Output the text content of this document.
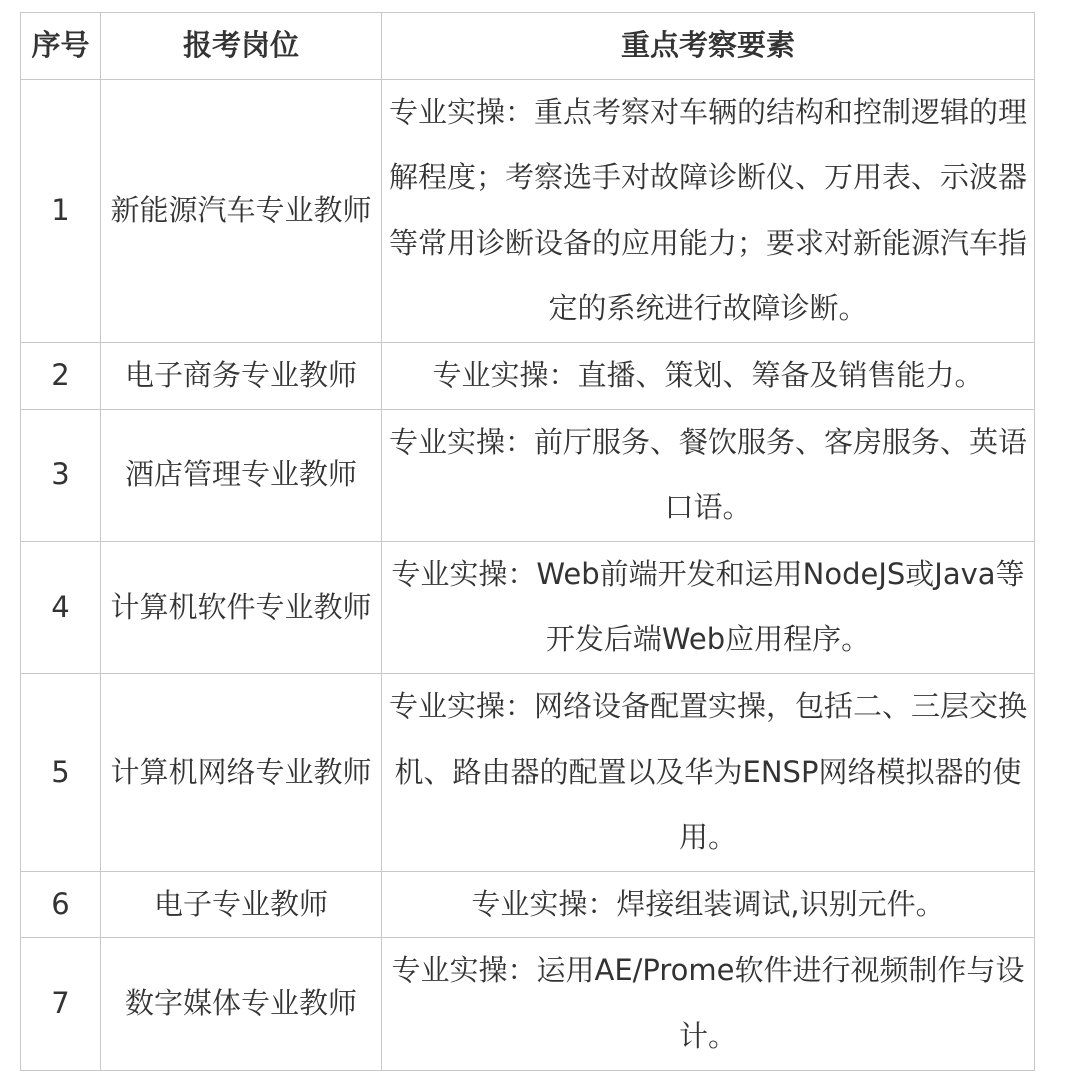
序号	报考岗位	重点考察要素
1	新能源汽车专业教师	专业实操：重点考察对车辆的结构和控制逻辑的理解程度；考察选手对故障诊断仪、万用表、示波器等常用诊断设备的应用能力；要求对新能源汽车指定的系统进行故障诊断。
2	电子商务专业教师	专业实操：直播、策划、筹备及销售能力。
3	酒店管理专业教师	专业实操：前厅服务、餐饮服务、客房服务、英语口语。
4	计算机软件专业教师	专业实操：Web前端开发和运用NodeJS或Java等开发后端Web应用程序。
5	计算机网络专业教师	专业实操：网络设备配置实操，包括二、三层交换机、路由器的配置以及华为ENSP网络模拟器的使用。
6	电子专业教师	专业实操：焊接组装调试,识别元件。
7	数字媒体专业教师	专业实操：运用AE/Prome软件进行视频制作与设计。
